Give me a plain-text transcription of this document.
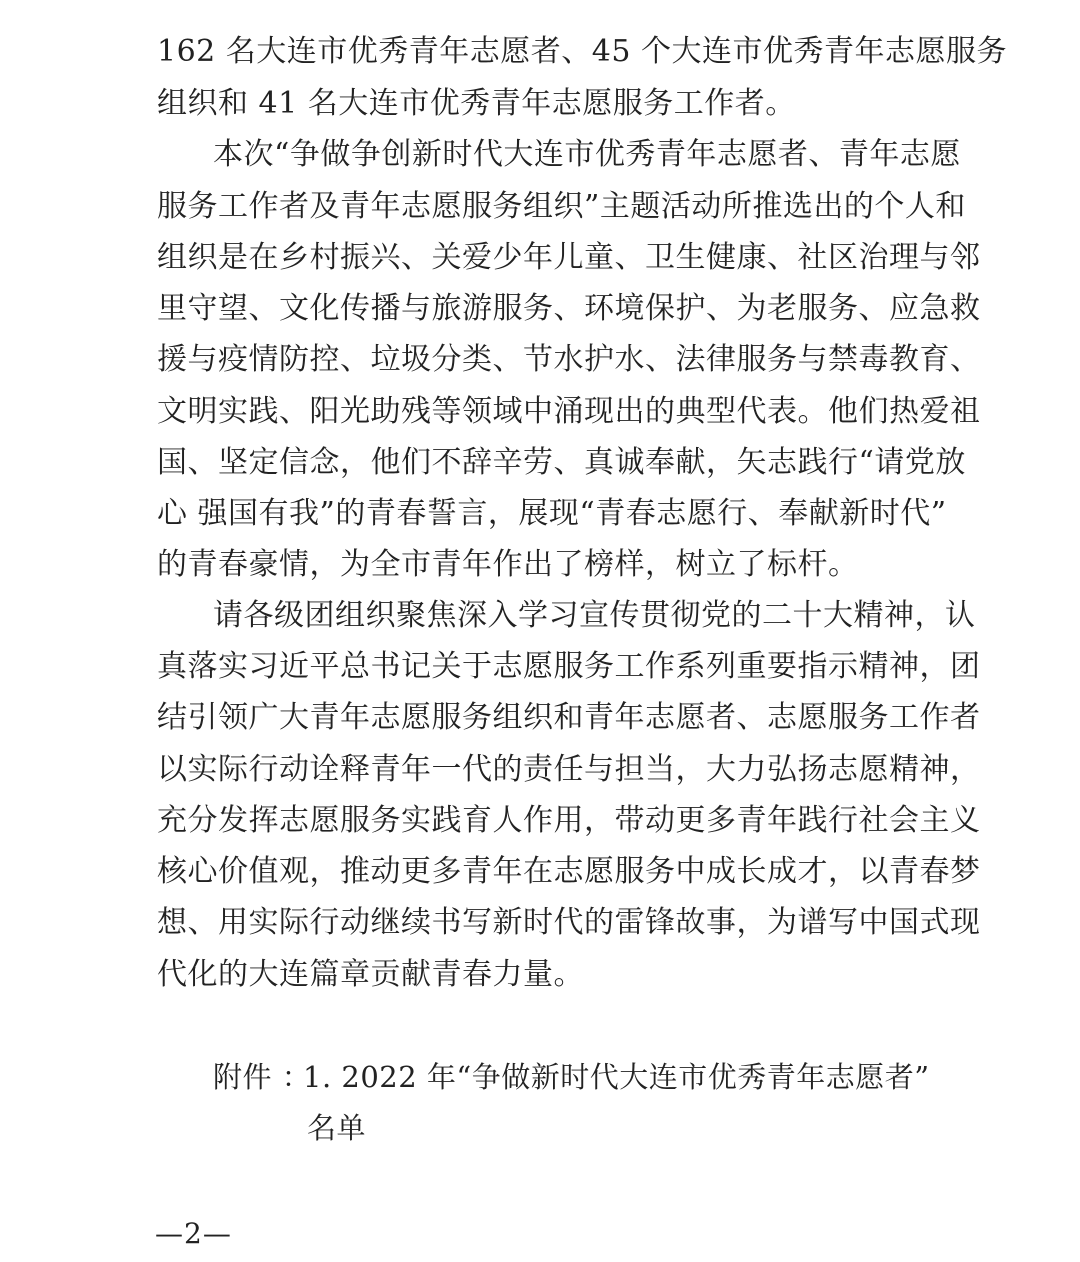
162 名大连市优秀青年志愿者、45 个大连市优秀青年志愿服务
组织和 41 名大连市优秀青年志愿服务工作者。
本次“争做争创新时代大连市优秀青年志愿者、青年志愿
服务工作者及青年志愿服务组织”主题活动所推选出的个人和
组织是在乡村振兴、关爱少年儿童、卫生健康、社区治理与邻
里守望、文化传播与旅游服务、环境保护、为老服务、应急救
援与疫情防控、垃圾分类、节水护水、法律服务与禁毒教育、
文明实践、阳光助残等领域中涌现出的典型代表。他们热爱祖
国、坚定信念，他们不辞辛劳、真诚奉献，矢志践行“请党放
心 强国有我”的青春誓言，展现“青春志愿行、奉献新时代”
的青春豪情，为全市青年作出了榜样，树立了标杆。
请各级团组织聚焦深入学习宣传贯彻党的二十大精神，认
真落实习近平总书记关于志愿服务工作系列重要指示精神，团
结引领广大青年志愿服务组织和青年志愿者、志愿服务工作者
以实际行动诠释青年一代的责任与担当，大力弘扬志愿精神，
充分发挥志愿服务实践育人作用，带动更多青年践行社会主义
核心价值观，推动更多青年在志愿服务中成长成才，以青春梦
想、用实际行动继续书写新时代的雷锋故事，为谱写中国式现
代化的大连篇章贡献青春力量。
附件 ：
1. 2022 年“争做新时代大连市优秀青年志愿者”
名单
—2—
